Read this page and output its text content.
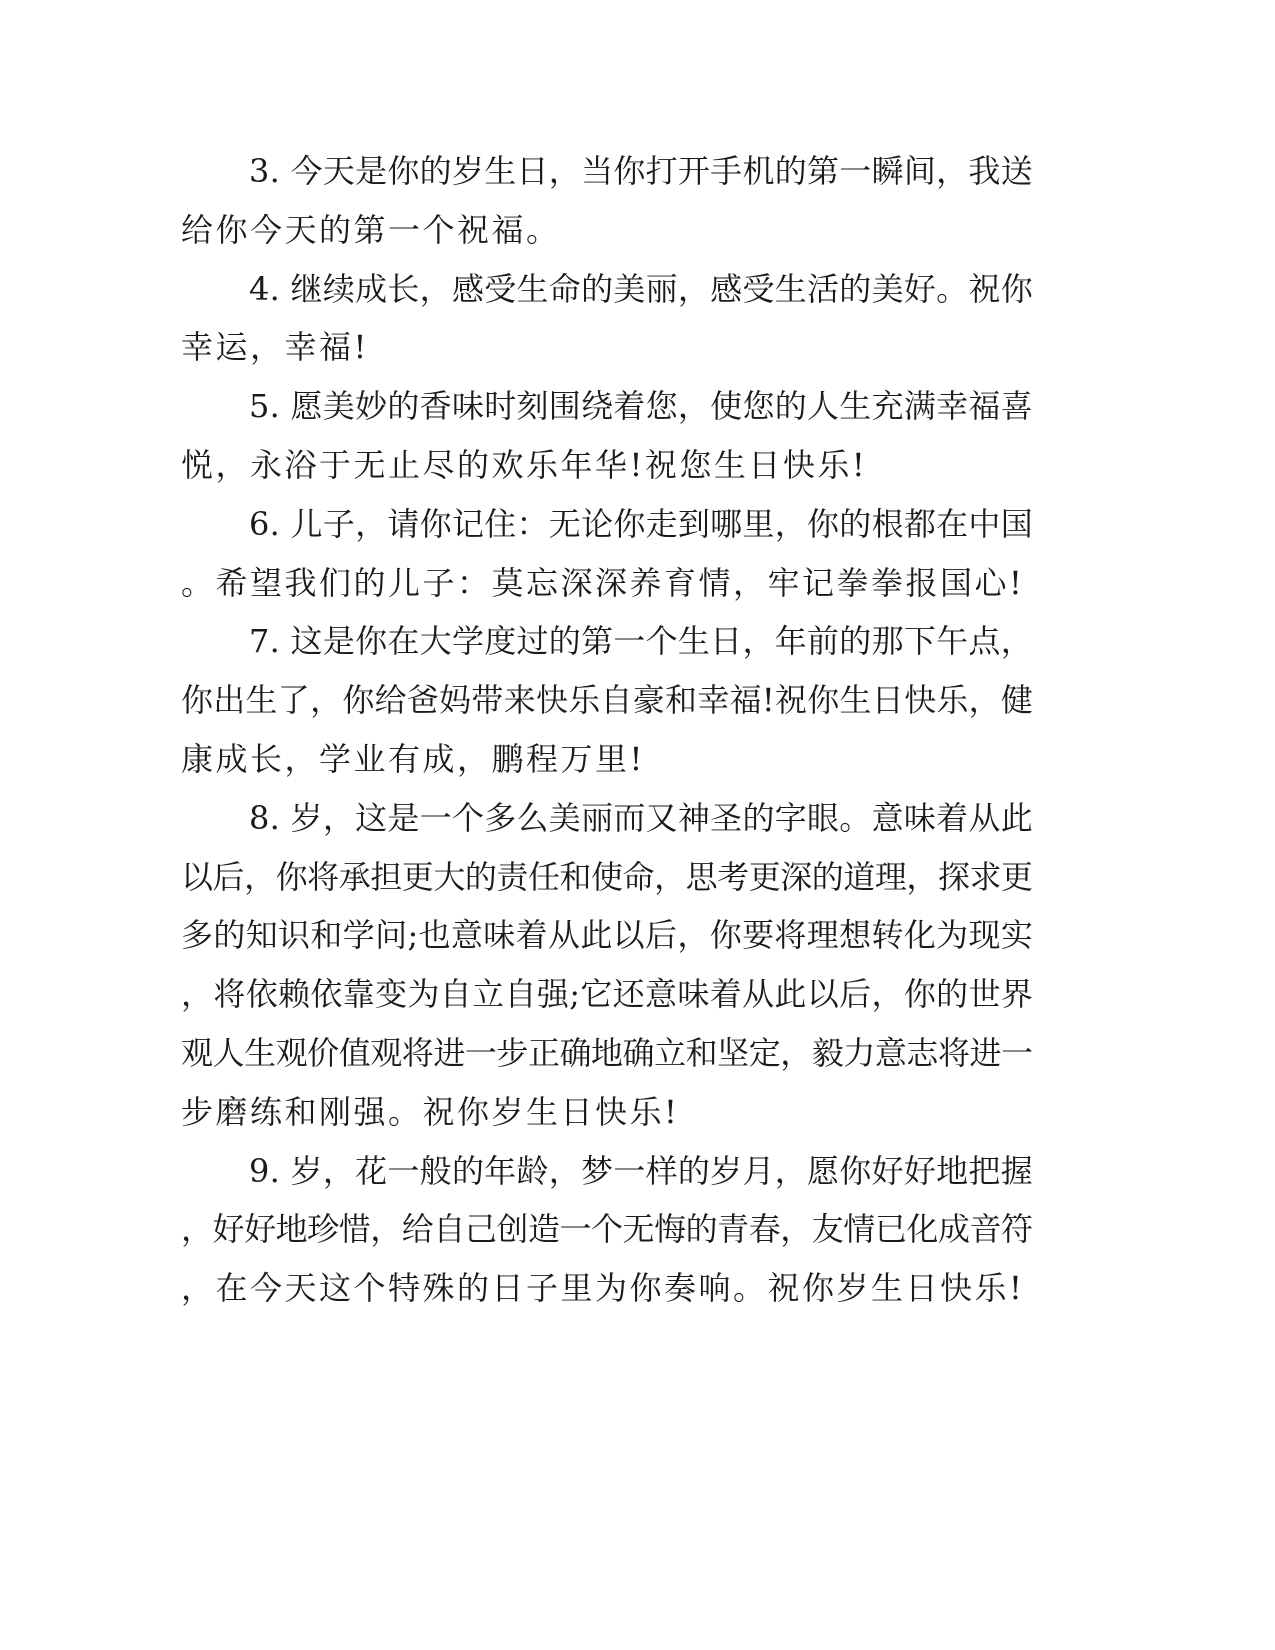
3. 今天是你的岁生日，当你打开手机的第一瞬间，我送
给你今天的第一个祝福。
4. 继续成长，感受生命的美丽，感受生活的美好。祝你
幸运，幸福!
5. 愿美妙的香味时刻围绕着您，使您的人生充满幸福喜
悦，永浴于无止尽的欢乐年华!祝您生日快乐!
6. 儿子，请你记住：无论你走到哪里，你的根都在中国
。希望我们的儿子：莫忘深深养育情，牢记拳拳报国心!
7. 这是你在大学度过的第一个生日，年前的那下午点，
你出生了，你给爸妈带来快乐自豪和幸福!祝你生日快乐，健
康成长，学业有成，鹏程万里!
8. 岁，这是一个多么美丽而又神圣的字眼。意味着从此
以后，你将承担更大的责任和使命，思考更深的道理，探求更
多的知识和学问;也意味着从此以后，你要将理想转化为现实
，将依赖依靠变为自立自强;它还意味着从此以后，你的世界
观人生观价值观将进一步正确地确立和坚定，毅力意志将进一
步磨练和刚强。祝你岁生日快乐!
9. 岁，花一般的年龄，梦一样的岁月，愿你好好地把握
，好好地珍惜，给自己创造一个无悔的青春，友情已化成音符
，在今天这个特殊的日子里为你奏响。祝你岁生日快乐!
